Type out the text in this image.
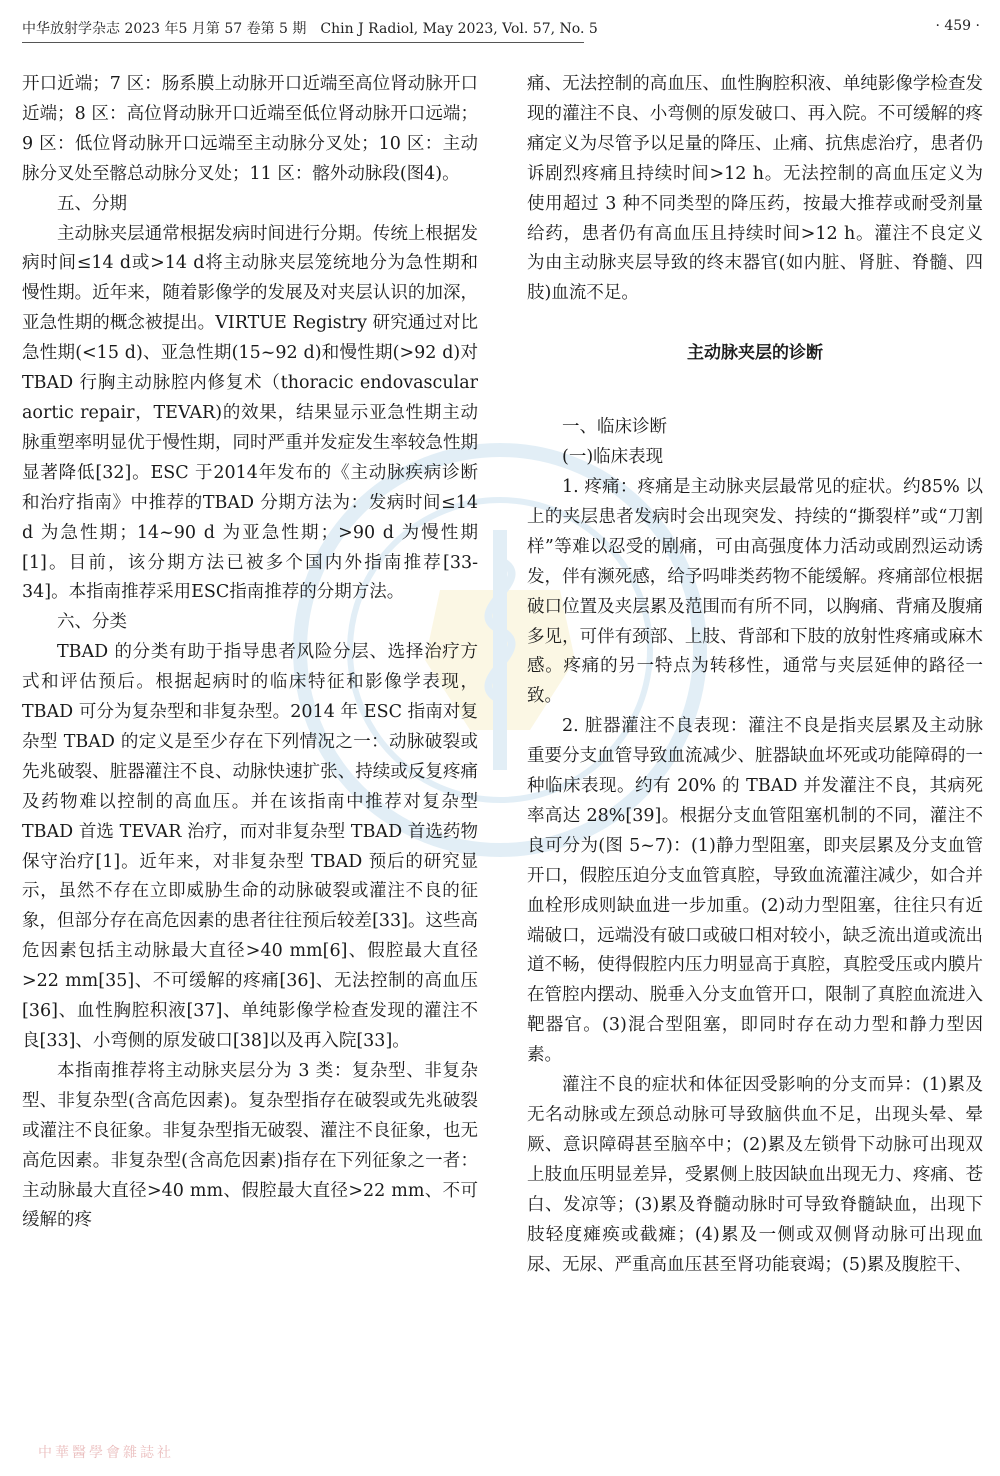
中华放射学杂志 2023 年5 月第 57 卷第 5 期　Chin J Radiol, May 2023, Vol. 57, No. 5	· 459 ·

开口近端；7 区：肠系膜上动脉开口近端至高位肾动脉开口近端；8 区：高位肾动脉开口近端至低位肾动脉开口远端；9 区：低位肾动脉开口远端至主动脉分叉处；10 区：主动脉分叉处至髂总动脉分叉处；11 区：髂外动脉段(图4)。

五、分期

主动脉夹层通常根据发病时间进行分期。传统上根据发病时间≤14 d或>14 d将主动脉夹层笼统地分为急性期和慢性期。近年来，随着影像学的发展及对夹层认识的加深，亚急性期的概念被提出。VIRTUE Registry 研究通过对比急性期(<15 d)、亚急性期(15~92 d)和慢性期(>92 d)对TBAD 行胸主动脉腔内修复术（thoracic endovascular aortic repair，TEVAR)的效果，结果显示亚急性期主动脉重塑率明显优于慢性期，同时严重并发症发生率较急性期显著降低[32]。ESC 于2014年发布的《主动脉疾病诊断和治疗指南》中推荐的TBAD 分期方法为：发病时间≤14 d 为急性期；14~90 d 为亚急性期；>90 d 为慢性期[1]。目前，该分期方法已被多个国内外指南推荐[33-34]。本指南推荐采用ESC指南推荐的分期方法。

六、分类

TBAD 的分类有助于指导患者风险分层、选择治疗方式和评估预后。根据起病时的临床特征和影像学表现，TBAD 可分为复杂型和非复杂型。2014 年 ESC 指南对复杂型 TBAD 的定义是至少存在下列情况之一：动脉破裂或先兆破裂、脏器灌注不良、动脉快速扩张、持续或反复疼痛及药物难以控制的高血压。并在该指南中推荐对复杂型TBAD 首选 TEVAR 治疗，而对非复杂型 TBAD 首选药物保守治疗[1]。近年来，对非复杂型 TBAD 预后的研究显示，虽然不存在立即威胁生命的动脉破裂或灌注不良的征象，但部分存在高危因素的患者往往预后较差[33]。这些高危因素包括主动脉最大直径>40 mm[6]、假腔最大直径>22 mm[35]、不可缓解的疼痛[36]、无法控制的高血压[36]、血性胸腔积液[37]、单纯影像学检查发现的灌注不良[33]、小弯侧的原发破口[38]以及再入院[33]。

本指南推荐将主动脉夹层分为 3 类：复杂型、非复杂型、非复杂型(含高危因素)。复杂型指存在破裂或先兆破裂或灌注不良征象。非复杂型指无破裂、灌注不良征象，也无高危因素。非复杂型(含高危因素)指存在下列征象之一者：主动脉最大直径>40 mm、假腔最大直径>22 mm、不可缓解的疼

痛、无法控制的高血压、血性胸腔积液、单纯影像学检查发现的灌注不良、小弯侧的原发破口、再入院。不可缓解的疼痛定义为尽管予以足量的降压、止痛、抗焦虑治疗，患者仍诉剧烈疼痛且持续时间>12 h。无法控制的高血压定义为使用超过 3 种不同类型的降压药，按最大推荐或耐受剂量给药，患者仍有高血压且持续时间>12 h。灌注不良定义为由主动脉夹层导致的终末器官(如内脏、肾脏、脊髓、四肢)血流不足。

主动脉夹层的诊断
一、临床诊断
(一)临床表现

1. 疼痛：疼痛是主动脉夹层最常见的症状。约85% 以上的夹层患者发病时会出现突发、持续的“撕裂样”或“刀割样”等难以忍受的剧痛，可由高强度体力活动或剧烈运动诱发，伴有濒死感，给予吗啡类药物不能缓解。疼痛部位根据破口位置及夹层累及范围而有所不同，以胸痛、背痛及腹痛多见，可伴有颈部、上肢、背部和下肢的放射性疼痛或麻木感。疼痛的另一特点为转移性，通常与夹层延伸的路径一致。

2. 脏器灌注不良表现：灌注不良是指夹层累及主动脉重要分支血管导致血流减少、脏器缺血坏死或功能障碍的一种临床表现。约有 20% 的 TBAD 并发灌注不良，其病死率高达 28%[39]。根据分支血管阻塞机制的不同，灌注不良可分为(图 5~7)：(1)静力型阻塞，即夹层累及分支血管开口，假腔压迫分支血管真腔，导致血流灌注减少，如合并血栓形成则缺血进一步加重。(2)动力型阻塞，往往只有近端破口，远端没有破口或破口相对较小，缺乏流出道或流出道不畅，使得假腔内压力明显高于真腔，真腔受压或内膜片在管腔内摆动、脱垂入分支血管开口，限制了真腔血流进入靶器官。(3)混合型阻塞，即同时存在动力型和静力型因素。

灌注不良的症状和体征因受影响的分支而异：(1)累及无名动脉或左颈总动脉可导致脑供血不足，出现头晕、晕厥、意识障碍甚至脑卒中；(2)累及左锁骨下动脉可出现双上肢血压明显差异，受累侧上肢因缺血出现无力、疼痛、苍白、发凉等；(3)累及脊髓动脉时可导致脊髓缺血，出现下肢轻度瘫痪或截瘫；(4)累及一侧或双侧肾动脉可出现血尿、无尿、严重高血压甚至肾功能衰竭；(5)累及腹腔干、

中華醫學會雜誌社
